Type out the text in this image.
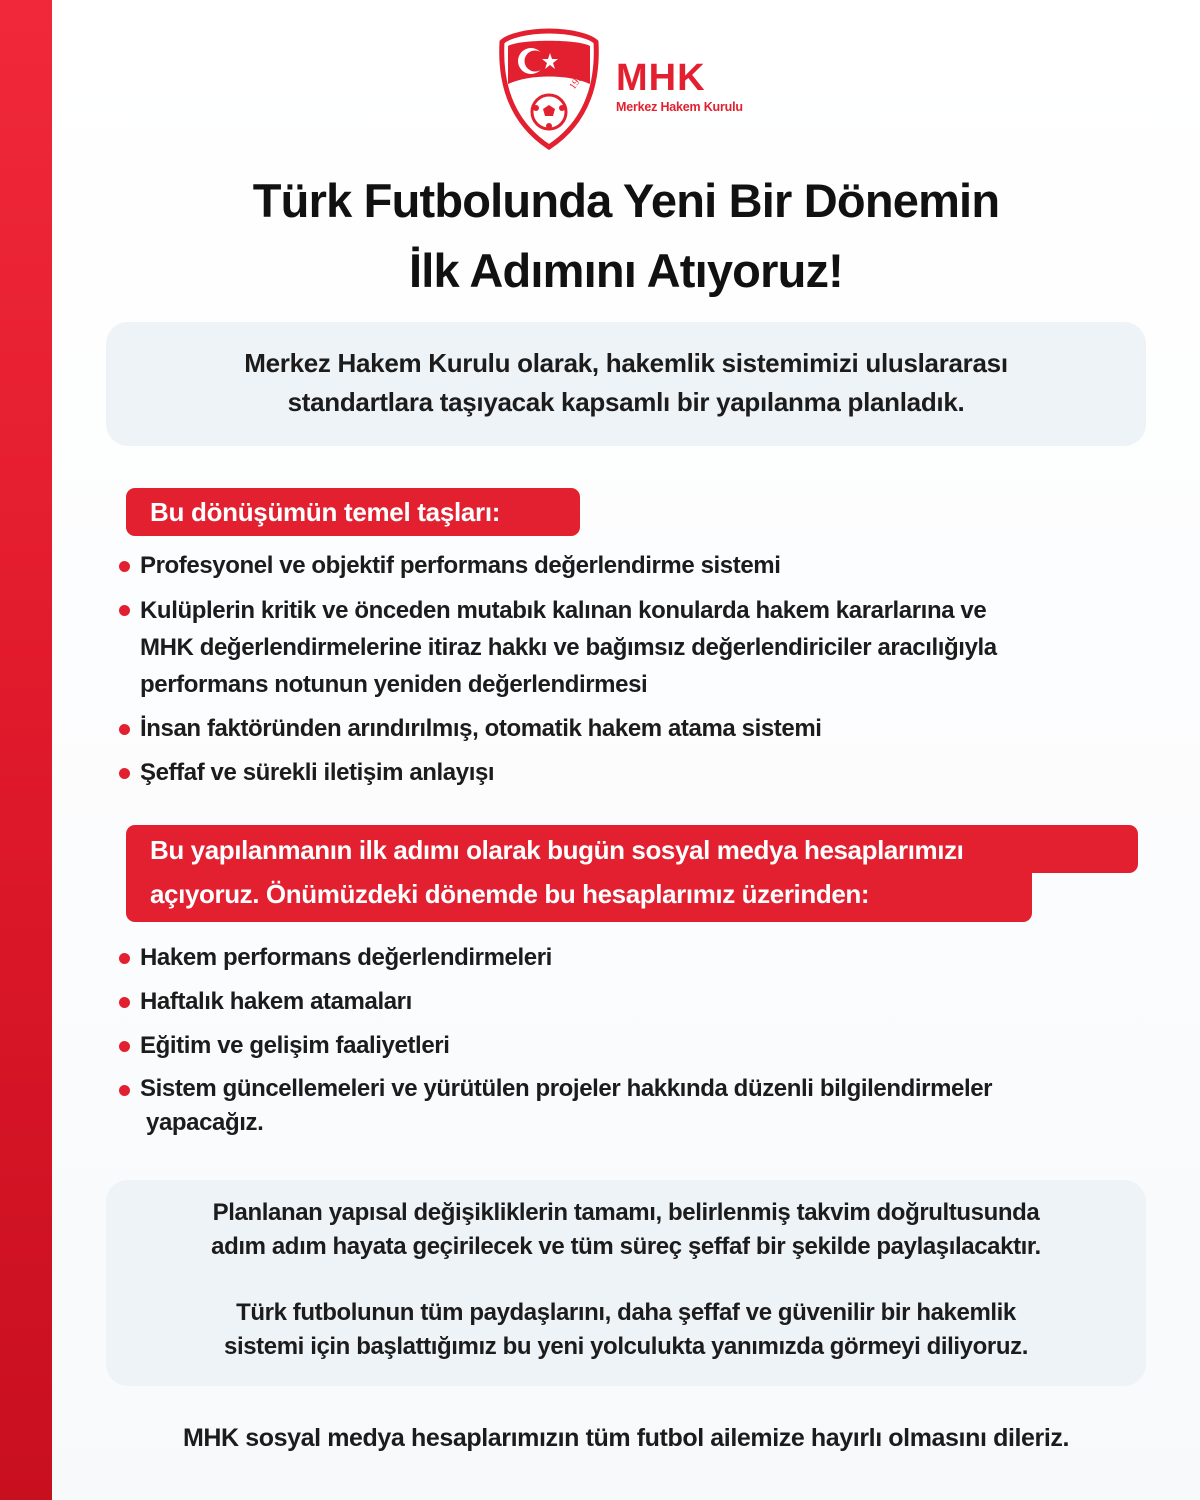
1923 MHK
Merkez Hakem Kurulu
Türk Futbolunda Yeni Bir Dönemin
İlk Adımını Atıyoruz!
Merkez Hakem Kurulu olarak, hakemlik sistemimizi uluslararası
standartlara taşıyacak kapsamlı bir yapılanma planladık.
Bu dönüşümün temel taşları:
Profesyonel ve objektif performans değerlendirme sistemi
Kulüplerin kritik ve önceden mutabık kalınan konularda hakem kararlarına ve
MHK değerlendirmelerine itiraz hakkı ve bağımsız değerlendiriciler aracılığıyla
performans notunun yeniden değerlendirmesi
İnsan faktöründen arındırılmış, otomatik hakem atama sistemi
Şeffaf ve sürekli iletişim anlayışı
Bu yapılanmanın ilk adımı olarak bugün sosyal medya hesaplarımızı
açıyoruz. Önümüzdeki dönemde bu hesaplarımız üzerinden:
Hakem performans değerlendirmeleri
Haftalık hakem atamaları
Eğitim ve gelişim faaliyetleri
Sistem güncellemeleri ve yürütülen projeler hakkında düzenli bilgilendirmeler
yapacağız.

Planlanan yapısal değişikliklerin tamamı, belirlenmiş takvim doğrultusunda
adım adım hayata geçirilecek ve tüm süreç şeffaf bir şekilde paylaşılacaktır.

Türk futbolunun tüm paydaşlarını, daha şeffaf ve güvenilir bir hakemlik
sistemi için başlattığımız bu yeni yolculukta yanımızda görmeyi diliyoruz.

MHK sosyal medya hesaplarımızın tüm futbol ailemize hayırlı olmasını dileriz.
